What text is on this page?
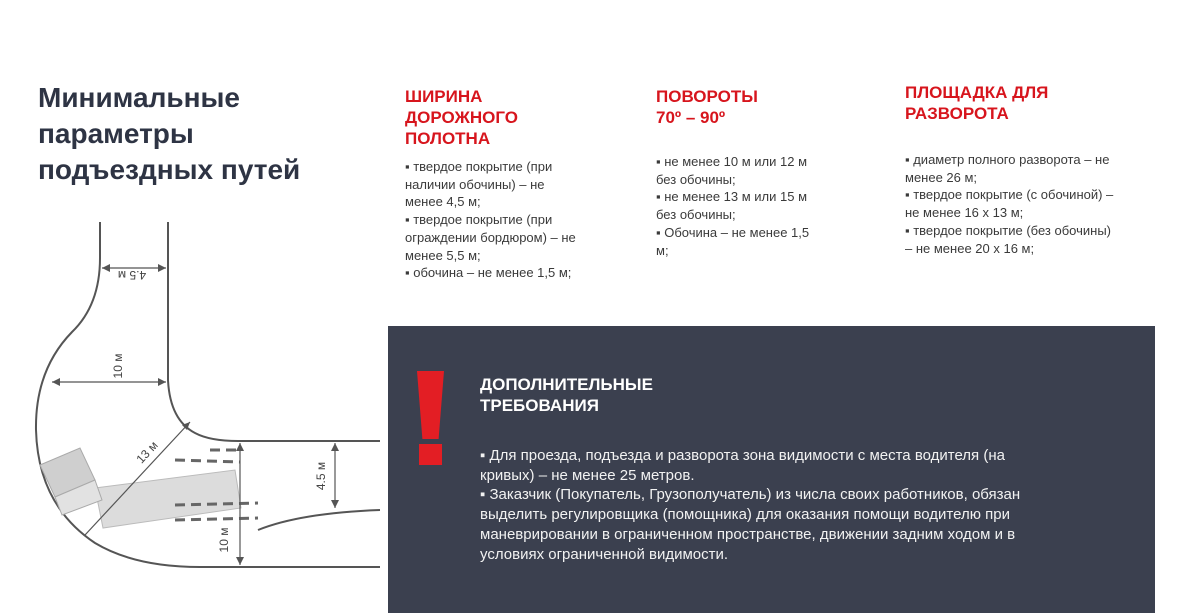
Минимальные
параметры
подъездных путей
4.5 м
10 м
13 м
4.5 м
10 м
ШИРИНА
ДОРОЖНОГО
ПОЛОТНА

▪ твердое покрытие (при
наличии обочины) – не
менее 4,5 м;
▪ твердое покрытие (при
ограждении бордюром) – не
менее 5,5 м;
▪ обочина – не менее 1,5 м;

ПОВОРОТЫ
70º – 90º

▪ не менее 10 м или 12 м
без обочины;
▪ не менее 13 м или 15 м
без обочины;
▪ Обочина – не менее 1,5
м;

ПЛОЩАДКА ДЛЯ
РАЗВОРОТА

▪ диаметр полного разворота – не
менее 26 м;
▪ твердое покрытие (с обочиной) –
не менее 16 х 13 м;
▪ твердое покрытие (без обочины)
– не менее 20 х 16 м;

ДОПОЛНИТЕЛЬНЫЕ
ТРЕБОВАНИЯ

▪ Для проезда, подъезда и разворота зона видимости с места водителя (на
кривых) – не менее 25 метров.
▪ Заказчик (Покупатель, Грузополучатель) из числа своих работников, обязан
выделить регулировщика (помощника) для оказания помощи водителю при
маневрировании в ограниченном пространстве, движении задним ходом и в
условиях ограниченной видимости.
